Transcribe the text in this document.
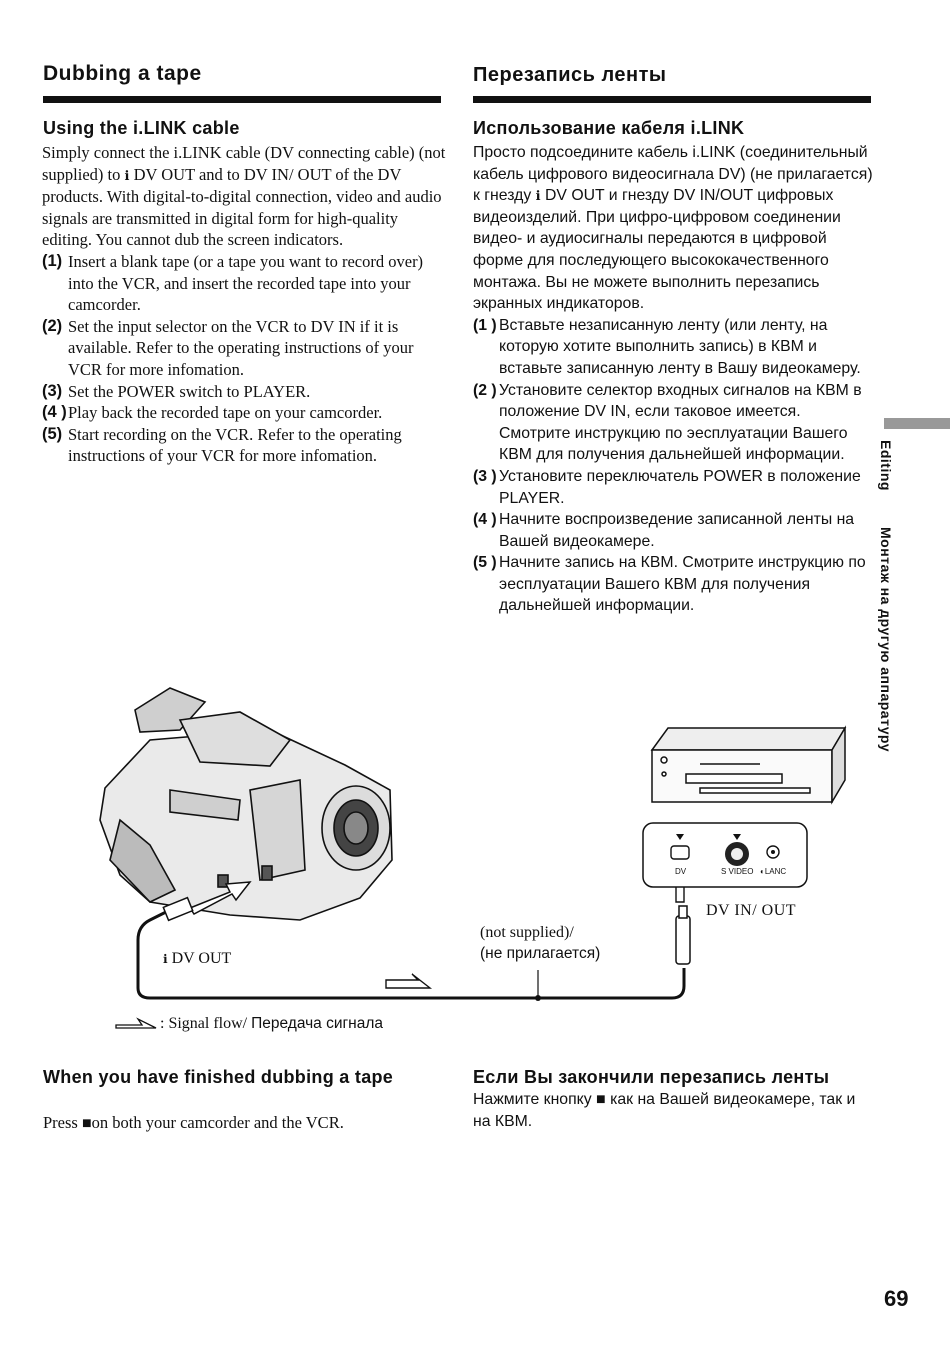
Dubbing a tape
Using the i.LINK cable
Simply connect the i.LINK cable (DV connecting cable) (not supplied) to ℹ DV OUT and to DV IN/ OUT of the DV products. With digital-to-digital connection, video and audio signals are transmitted in digital form for high-quality editing. You cannot dub the screen indicators.
(1) Insert a blank tape (or a tape you want to record over) into the VCR, and insert the recorded tape into your camcorder.
(2) Set the input selector on the VCR to DV IN if it is available. Refer to the operating instructions of your VCR for more infomation.
(3) Set the POWER switch to PLAYER.
(4 ) Play back the recorded tape on your camcorder.
(5) Start recording on the VCR. Refer to the operating instructions of your VCR for more infomation.
Перезапись ленты
Использование кабеля i.LINK
Просто подсоедините кабель i.LINK (соединительный кабель цифрового видеосигнала DV) (не прилагается) к гнезду ℹ DV OUT и гнезду DV IN/OUT цифровых видеоизделий. При цифро-цифровом соединении видео- и аудиосигналы передаются в цифровой форме для последующего высококачественного монтажа. Вы не можете выполнить перезапись экранных индикаторов.
(1 ) Вставьте незаписанную ленту (или ленту, на которую хотите выполнить запись) в КВМ и вставьте записанную ленту в Вашу видеокамеру.
(2 ) Установите селектор входных сигналов на КВМ в положение DV IN, если таковое имеется. Смотрите инструкцию по эесплуатации Вашего КВМ для получения дальнейшей информации.
(3 ) Установите переключатель POWER в положение PLAYER.
(4 ) Начните воспроизведение записанной ленты на Вашей видеокамере.
(5 ) Начните запись на КВМ. Смотрите инструкцию по эесплуатации Вашего КВМ для получения дальнейшей информации.
Editing
Монтаж на другую аппаратуру
DV	S VIDEO ◐LANC
DV IN/ OUT
(not supplied)/
(не прилагается)
ℹ DV OUT
: Signal flow/ Передача сигнала
When you have finished dubbing a tape
Press ■on both your camcorder and the VCR.
Если Вы закончили перезапись ленты
Нажмите кнопку ■ как на Вашей видеокамере, так и на КВМ.
69
